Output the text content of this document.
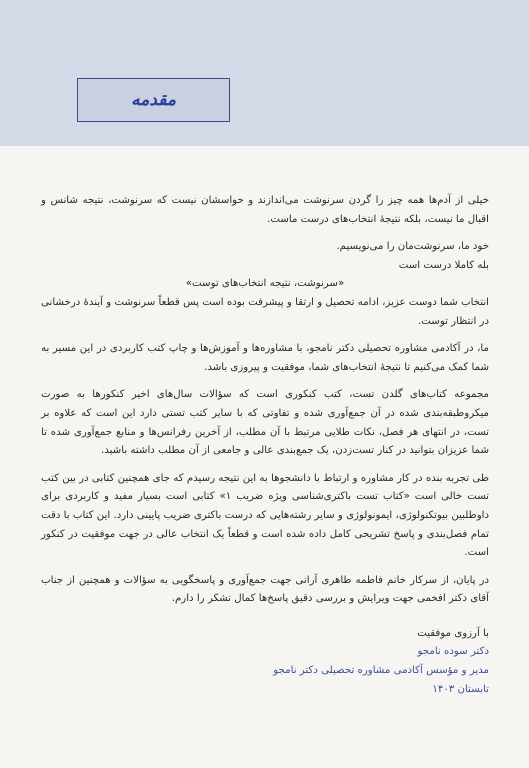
مقدمه

خیلی از آدم‌ها همه چیز را گردن سرنوشت می‌اندازند و حواسشان نیست که سرنوشت، نتیجه شانس و اقبال ما نیست، بلکه نتیجهٔ انتخاب‌های درست ماست.

خود ما، سرنوشت‌مان را می‌نویسیم.

بله کاملا درست است

«سرنوشت، نتیجه انتخاب‌های توست»

انتخاب شما دوست عزیز، ادامه تحصیل و ارتقا و پیشرفت بوده است پس قطعاً سرنوشت و آیندهٔ درخشانی در انتظار توست.

ما، در آکادمی مشاوره تحصیلی دکتر نامجو، با مشاوره‌ها و آموزش‌ها و چاپ کتب کاربردی در این مسیر به شما کمک می‌کنیم تا نتیجهٔ انتخاب‌های شما، موفقیت و پیروزی باشد.

مجموعه کتاب‌های گلدن تست، کتب کنکوری است که سؤالات سال‌های اخیر کنکورها به صورت میکروطبقه‌بندی شده در آن جمع‌آوری شده و تفاوتی که با سایر کتب تستی دارد این است که علاوه بر تست، در انتهای هر فصل، نکات طلایی مرتبط با آن مطلب، از آخرین رفرانس‌ها و منابع جمع‌آوری شده تا شما عزیزان بتوانید در کنار تست‌زدن، یک جمع‌بندی عالی و جامعی از آن مطلب داشته باشید.

طی تجربه بنده در کار مشاوره و ارتباط با دانشجوها به این نتیجه رسیدم که جای همچنین کتابی در بین کتب تست خالی است «کتاب تست باکتری‌شناسی ویژه ضریب ۱» کتابی است بسیار مفید و کاربردی برای داوطلبین بیوتکنولوژی، ایمونولوژی و سایر رشته‌هایی که درست باکتری ضریب پایینی دارد. این کتاب با دقت تمام فصل‌بندی و پاسخ تشریحی کامل داده شده است و قطعاً یک انتخاب عالی در جهت موفقیت در کنکور است.

در پایان، از سرکار خانم فاطمه طاهری آرانی جهت جمع‌آوری و پاسخگویی به سؤالات و همچنین از جناب آقای دکتر افخمی جهت ویرایش و بررسی دقیق پاسخ‌ها کمال تشکر را دارم.

با آرزوی موفقیت

دکتر سوده نامجو

مدیر و مؤسس آکادمی مشاوره تحصیلی دکتر نامجو

تابستان ۱۴۰۳
